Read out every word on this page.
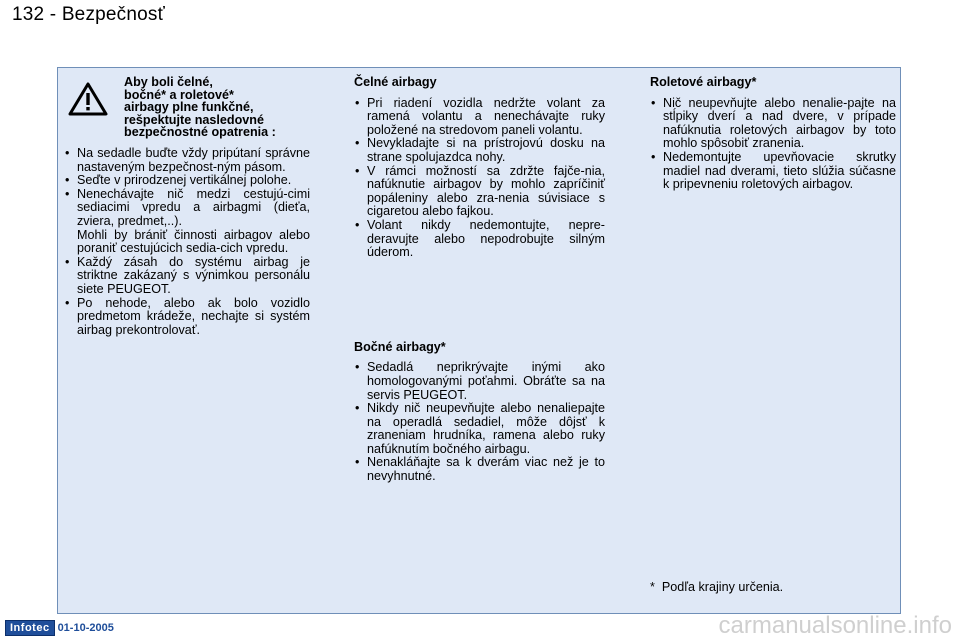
132 - Bezpečnosť
Aby boli čelné,
bočné* a roletové*
airbagy plne funkčné,
rešpektujte nasledovné
bezpečnostné opatrenia :
• Na sedadle buďte vždy pripútaní správne nastaveným bezpečnost-ným pásom.
• Seďte v prirodzenej vertikálnej polohe.
• Nenechávajte nič medzi cestujú-cimi sediacimi vpredu a airbagmi (dieťa, zviera, predmet,..).
Mohli by brániť činnosti airbagov alebo poraniť cestujúcich sedia-cich vpredu.
• Každý zásah do systému airbag je striktne zakázaný s výnimkou personálu siete PEUGEOT.
• Po nehode, alebo ak bolo vozidlo predmetom krádeže, nechajte si systém airbag prekontrolovať.
Čelné airbagy
• Pri riadení vozidla nedržte volant za ramená volantu a nenechávajte ruky položené na stredovom paneli volantu.
• Nevykladajte si na prístrojovú dosku na strane spolujazdca nohy.
• V rámci možností sa zdržte fajče-nia, nafúknutie airbagov by mohlo zapríčiniť popáleniny alebo zra-nenia súvisiace s cigaretou alebo fajkou.
• Volant nikdy nedemontujte, nepre-deravujte alebo nepodrobujte silným úderom.
Bočné airbagy*
• Sedadlá neprikrývajte inými ako homologovanými poťahmi. Obráťte sa na servis PEUGEOT.
• Nikdy nič neupevňujte alebo nenaliepajte na operadlá sedadiel, môže dôjsť k zraneniam hrudníka, ramena alebo ruky nafúknutím bočného airbagu.
• Nenakláňajte sa k dverám viac než je to nevyhnutné.
Roletové airbagy*
• Nič neupevňujte alebo nenalie-pajte na stĺpiky dverí a nad dvere, v prípade nafúknutia roletových airbagov by toto mohlo spôsobiť zranenia.
• Nedemontujte upevňovacie skrutky madiel nad dverami, tieto slúžia súčasne k pripevneniu roletových airbagov.
* Podľa krajiny určenia.
Infotec 01-10-2005	carmanualsonline.info
